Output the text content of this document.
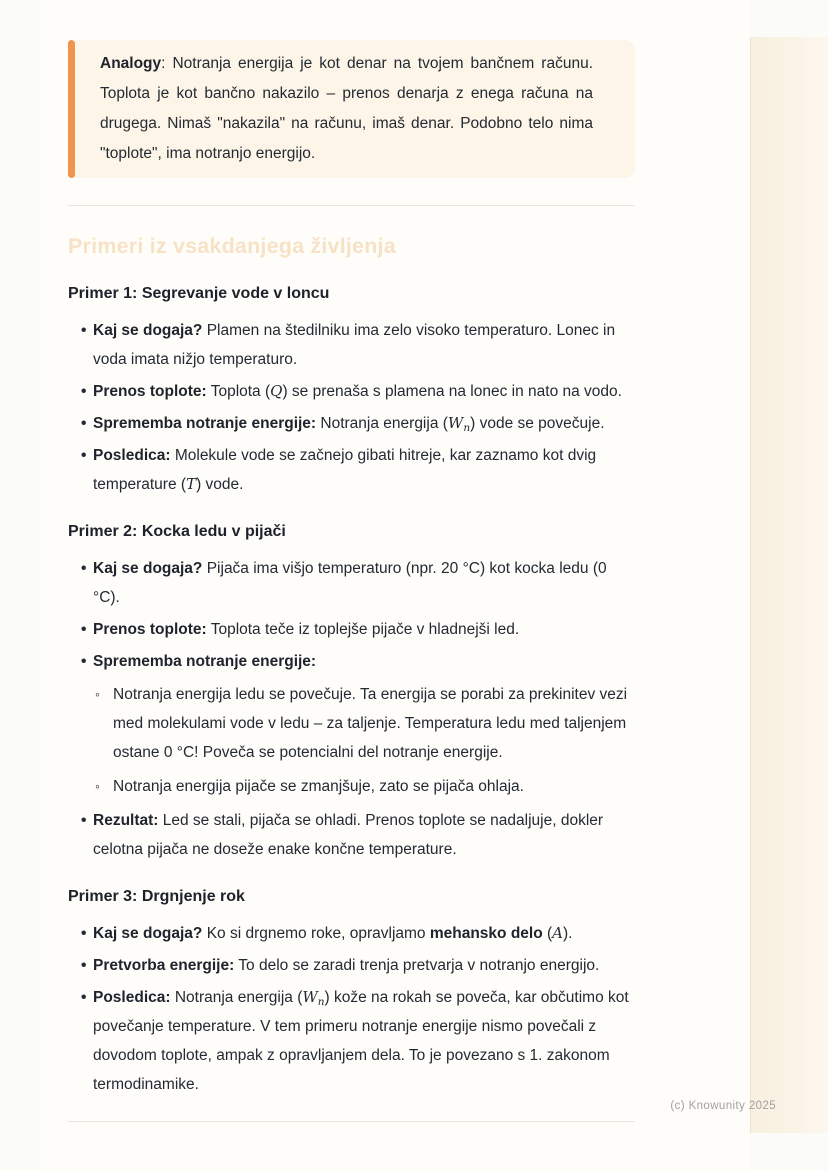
Analogy: Notranja energija je kot denar na tvojem bančnem računu. Toplota je kot bančno nakazilo – prenos denarja z enega računa na drugega. Nimaš "nakazila" na računu, imaš denar. Podobno telo nima "toplote", ima notranjo energijo.
Primeri iz vsakdanjega življenja
Primer 1: Segrevanje vode v loncu
• Kaj se dogaja? Plamen na štedilniku ima zelo visoko temperaturo. Lonec in voda imata nižjo temperaturo.
• Prenos toplote: Toplota (Q) se prenaša s plamena na lonec in nato na vodo.
• Sprememba notranje energije: Notranja energija $(W_n)$ vode se povečuje.
• Posledica: Molekule vode se začnejo gibati hitreje, kar zaznamo kot dvig temperature (T) vode.
Primer 2: Kocka ledu v pijači
• Kaj se dogaja? Pijača ima višjo temperaturo (npr. 20 °C) kot kocka ledu (0 °C).
• Prenos toplote: Toplota teče iz toplejše pijače v hladnejši led.
• Sprememba notranje energije:
◦ Notranja energija ledu se povečuje. Ta energija se porabi za prekinitev vezi med molekulami vode v ledu – za taljenje. Temperatura ledu med taljenjem ostane 0 °C! Poveča se potencialni del notranje energije.
◦ Notranja energija pijače se zmanjšuje, zato se pijača ohlaja.
• Rezultat: Led se stali, pijača se ohladi. Prenos toplote se nadaljuje, dokler celotna pijača ne doseže enake končne temperature.
Primer 3: Drgnjenje rok
• Kaj se dogaja? Ko si drgnemo roke, opravljamo mehansko delo (A).
• Pretvorba energije: To delo se zaradi trenja pretvarja v notranjo energijo.
• Posledica: Notranja energija $(W_n)$ kože na rokah se poveča, kar občutimo kot povečanje temperature. V tem primeru notranje energije nismo povečali z dovodom toplote, ampak z opravljanjem dela. To je povezano s 1. zakonom termodinamike.
(c) Knowunity 2025
